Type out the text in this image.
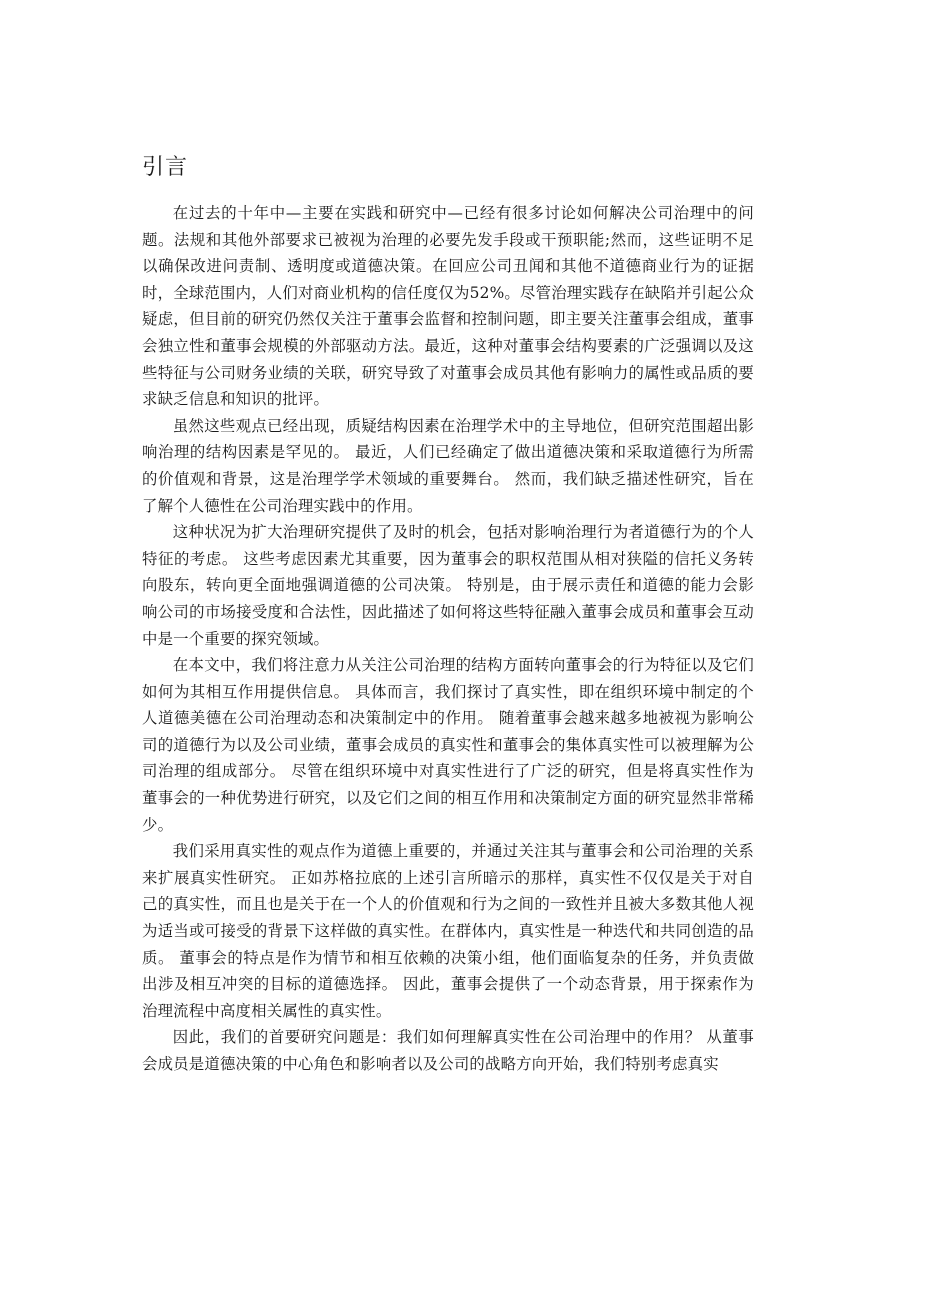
引言

在过去的十年中—主要在实践和研究中—已经有很多讨论如何解决公司治理中的问题。法规和其他外部要求已被视为治理的必要先发手段或干预职能;然而，这些证明不足以确保改进问责制、透明度或道德决策。在回应公司丑闻和其他不道德商业行为的证据时，全球范围内，人们对商业机构的信任度仅为52%。尽管治理实践存在缺陷并引起公众疑虑，但目前的研究仍然仅关注于董事会监督和控制问题，即主要关注董事会组成，董事会独立性和董事会规模的外部驱动方法。最近，这种对董事会结构要素的广泛强调以及这些特征与公司财务业绩的关联，研究导致了对董事会成员其他有影响力的属性或品质的要求缺乏信息和知识的批评。

虽然这些观点已经出现，质疑结构因素在治理学术中的主导地位，但研究范围超出影响治理的结构因素是罕见的。 最近，人们已经确定了做出道德决策和采取道德行为所需的价值观和背景，这是治理学学术领域的重要舞台。 然而，我们缺乏描述性研究，旨在了解个人德性在公司治理实践中的作用。

这种状况为扩大治理研究提供了及时的机会，包括对影响治理行为者道德行为的个人特征的考虑。 这些考虑因素尤其重要，因为董事会的职权范围从相对狭隘的信托义务转向股东，转向更全面地强调道德的公司决策。 特别是，由于展示责任和道德的能力会影响公司的市场接受度和合法性，因此描述了如何将这些特征融入董事会成员和董事会互动中是一个重要的探究领域。

在本文中，我们将注意力从关注公司治理的结构方面转向董事会的行为特征以及它们如何为其相互作用提供信息。 具体而言，我们探讨了真实性，即在组织环境中制定的个人道德美德在公司治理动态和决策制定中的作用。 随着董事会越来越多地被视为影响公司的道德行为以及公司业绩，董事会成员的真实性和董事会的集体真实性可以被理解为公司治理的组成部分。 尽管在组织环境中对真实性进行了广泛的研究，但是将真实性作为董事会的一种优势进行研究，以及它们之间的相互作用和决策制定方面的研究显然非常稀少。

我们采用真实性的观点作为道德上重要的，并通过关注其与董事会和公司治理的关系来扩展真实性研究。 正如苏格拉底的上述引言所暗示的那样，真实性不仅仅是关于对自己的真实性，而且也是关于在一个人的价值观和行为之间的一致性并且被大多数其他人视为适当或可接受的背景下这样做的真实性。在群体内，真实性是一种迭代和共同创造的品质。 董事会的特点是作为情节和相互依赖的决策小组，他们面临复杂的任务，并负责做出涉及相互冲突的目标的道德选择。 因此，董事会提供了一个动态背景，用于探索作为治理流程中高度相关属性的真实性。

因此，我们的首要研究问题是：我们如何理解真实性在公司治理中的作用？ 从董事会成员是道德决策的中心角色和影响者以及公司的战略方向开始，我们特别考虑真实
